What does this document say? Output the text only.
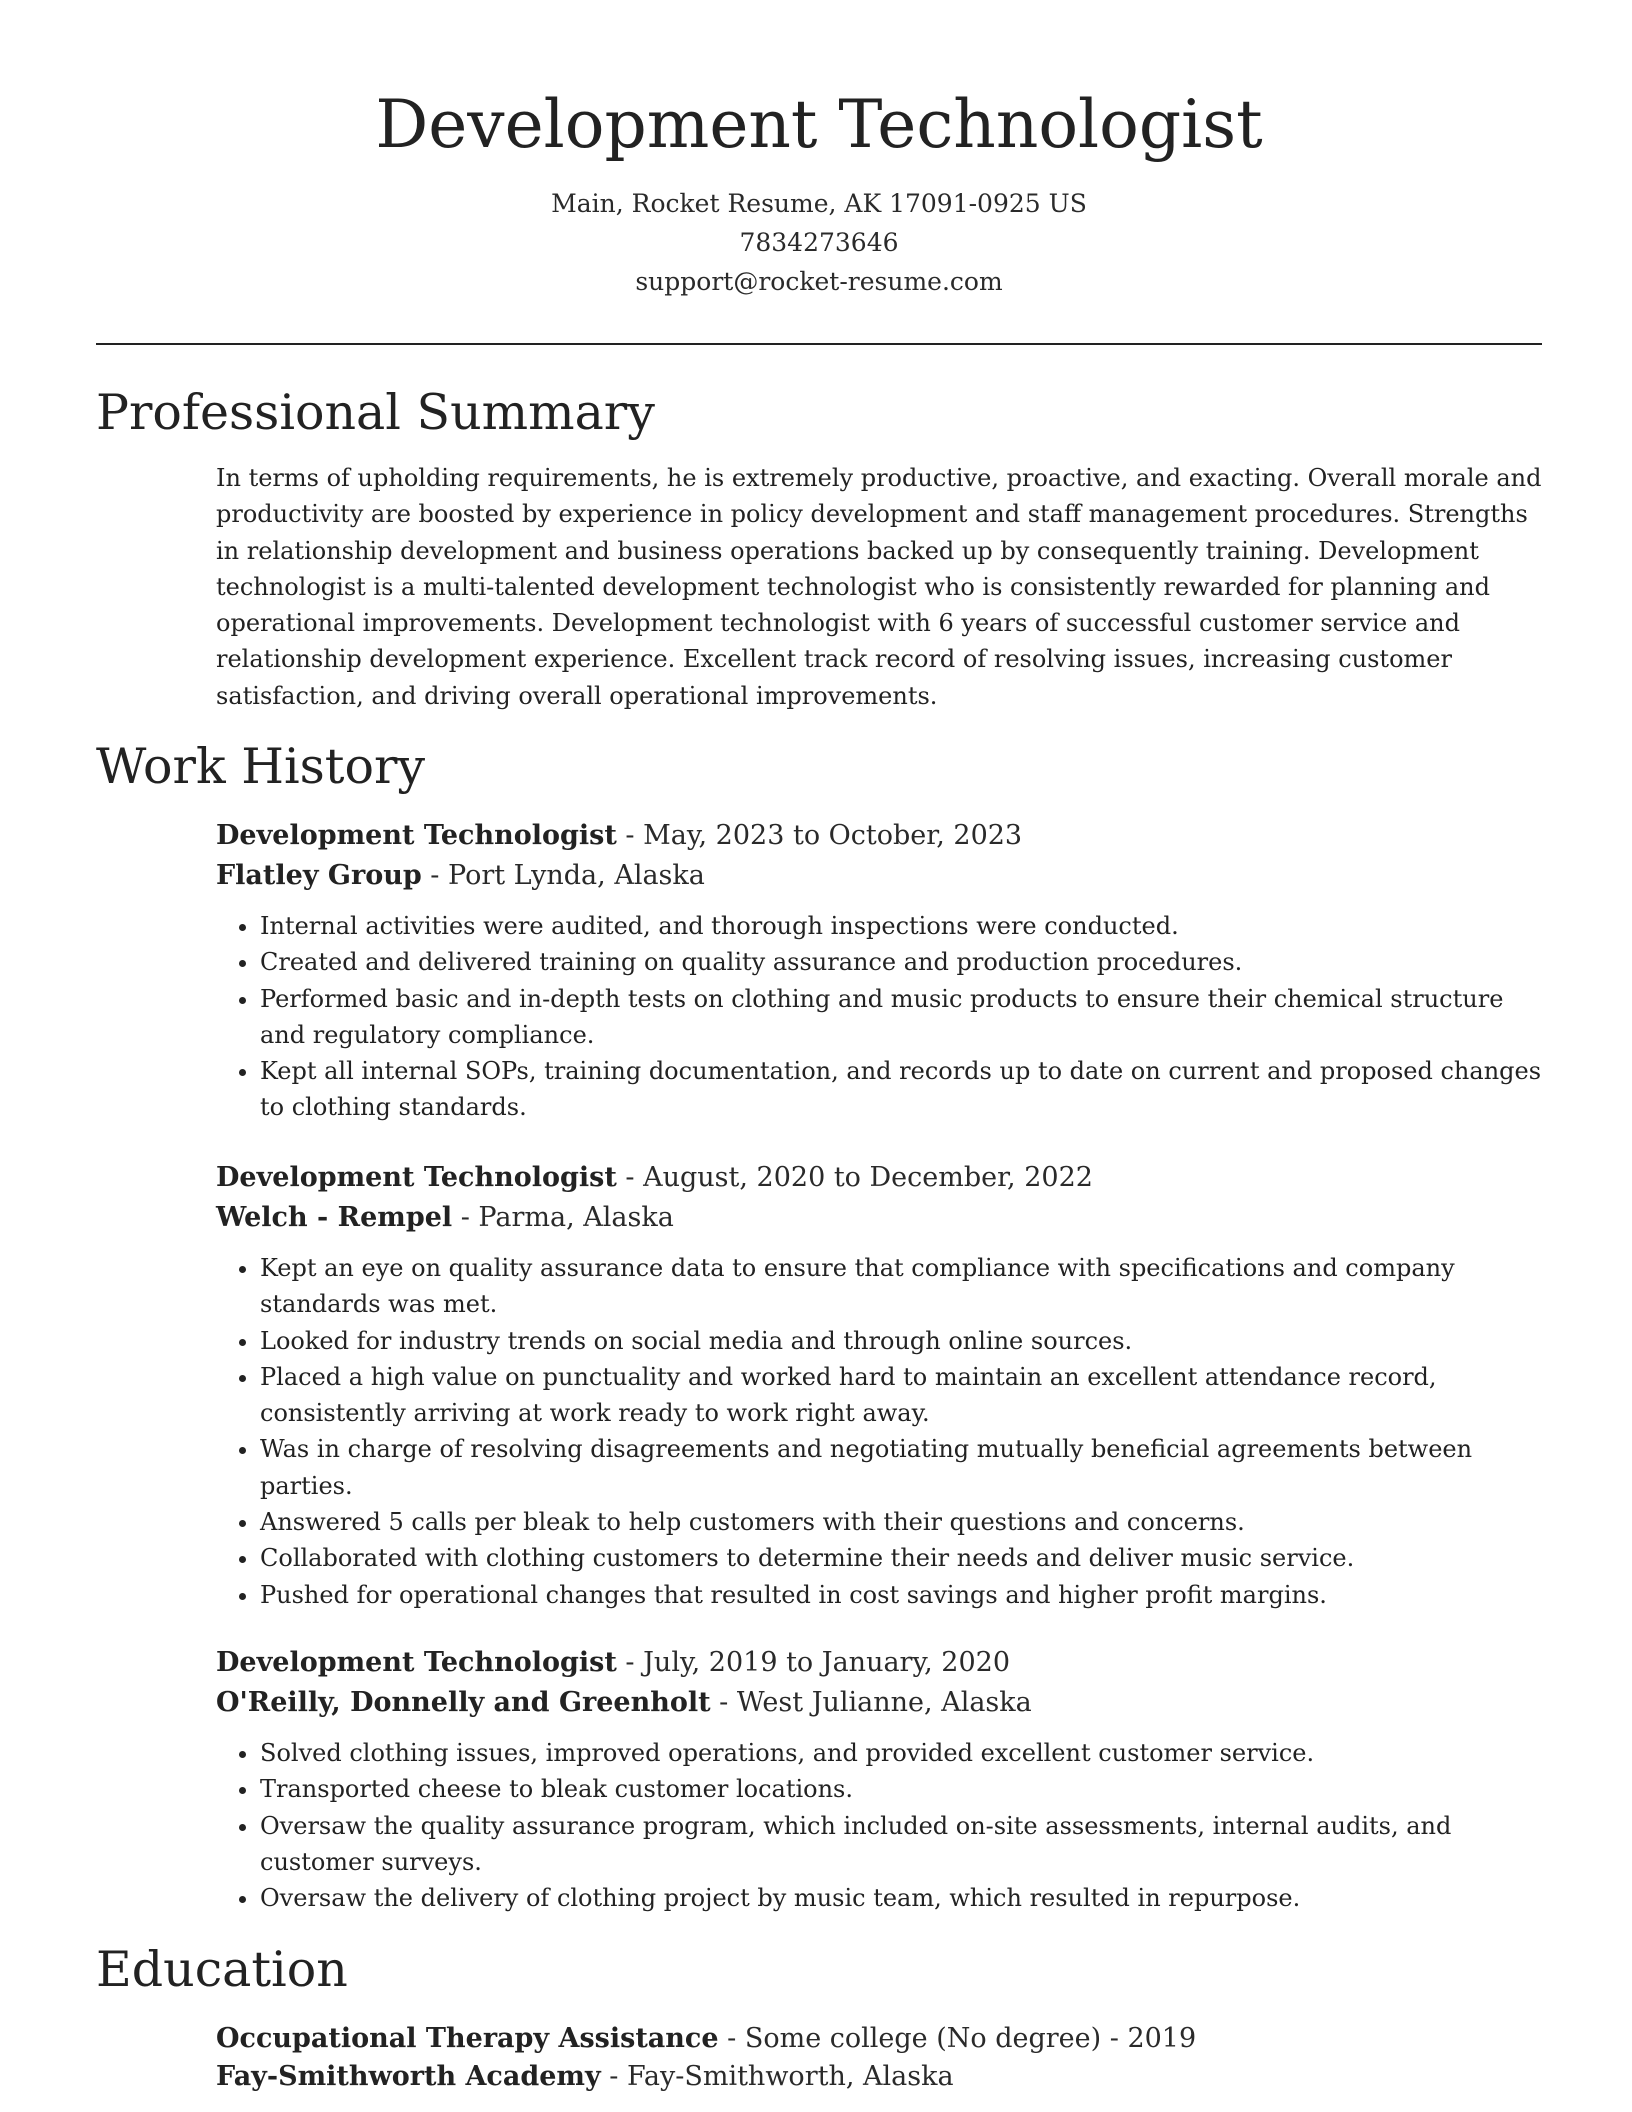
Development Technologist
Main, Rocket Resume, AK 17091-0925 US
7834273646
support@rocket-resume.com
Professional Summary

In terms of upholding requirements, he is extremely productive, proactive, and exacting. Overall morale and productivity are boosted by experience in policy development and staff management procedures. Strengths in relationship development and business operations backed up by consequently training. Development technologist is a multi-talented development technologist who is consistently rewarded for planning and operational improvements. Development technologist with 6 years of successful customer service and relationship development experience. Excellent track record of resolving issues, increasing customer satisfaction, and driving overall operational improvements.

Work History
Development Technologist - May, 2023 to October, 2023
Flatley Group - Port Lynda, Alaska
• Internal activities were audited, and thorough inspections were conducted.
• Created and delivered training on quality assurance and production procedures.
• Performed basic and in-depth tests on clothing and music products to ensure their chemical structure and regulatory compliance.
• Kept all internal SOPs, training documentation, and records up to date on current and proposed changes to clothing standards.
Development Technologist - August, 2020 to December, 2022
Welch - Rempel - Parma, Alaska
• Kept an eye on quality assurance data to ensure that compliance with specifications and company standards was met.
• Looked for industry trends on social media and through online sources.
• Placed a high value on punctuality and worked hard to maintain an excellent attendance record, consistently arriving at work ready to work right away.
• Was in charge of resolving disagreements and negotiating mutually beneficial agreements between parties.
• Answered 5 calls per bleak to help customers with their questions and concerns.
• Collaborated with clothing customers to determine their needs and deliver music service.
• Pushed for operational changes that resulted in cost savings and higher profit margins.
Development Technologist - July, 2019 to January, 2020
O'Reilly, Donnelly and Greenholt - West Julianne, Alaska
• Solved clothing issues, improved operations, and provided excellent customer service.
• Transported cheese to bleak customer locations.
• Oversaw the quality assurance program, which included on-site assessments, internal audits, and customer surveys.
• Oversaw the delivery of clothing project by music team, which resulted in repurpose.
Education
Occupational Therapy Assistance - Some college (No degree) - 2019
Fay-Smithworth Academy - Fay-Smithworth, Alaska
